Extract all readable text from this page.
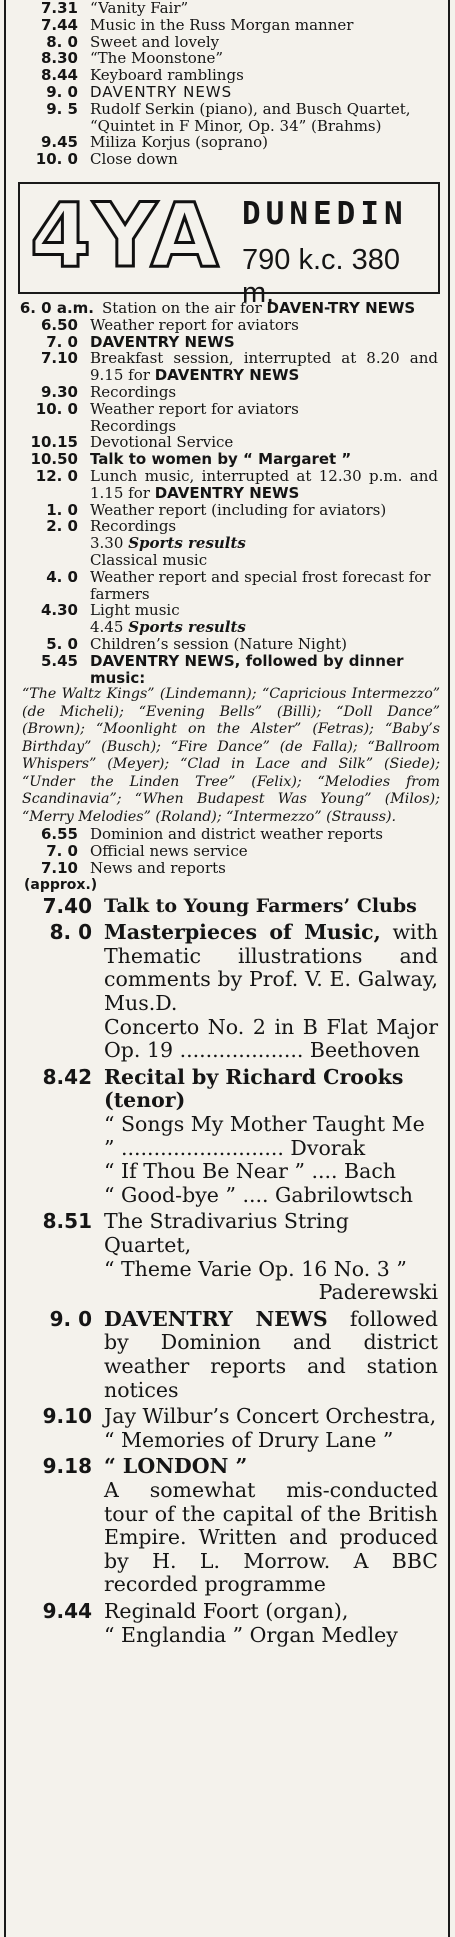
7.31 “Vanity Fair”
7.44 Music in the Russ Morgan manner
8. 0 Sweet and lovely
8.30 “The Moonstone”
8.44 Keyboard ramblings
9. 0 DAVENTRY NEWS
9. 5 Rudolf Serkin (piano), and Busch Quartet, “Quintet in F Minor, Op. 34” (Brahms)
9.45 Miliza Korjus (soprano)
10. 0 Close down
4YA DUNEDIN
790 k.c. 380 m.
6. 0 a.m. Station on the air for DAVEN-TRY NEWS
6.50 Weather report for aviators
7. 0 DAVENTRY NEWS
7.10 Breakfast session, interrupted at 8.20 and 9.15 for DAVENTRY NEWS
9.30 Recordings
10. 0 Weather report for aviators
Recordings
10.15 Devotional Service
10.50 Talk to women by “ Margaret ”
12. 0 Lunch music, interrupted at 12.30 p.m. and 1.15 for DAVENTRY NEWS
1. 0 Weather report (including for aviators)
2. 0 Recordings
3.30 Sports results
Classical music
4. 0 Weather report and special frost forecast for farmers
4.30 Light music
4.45 Sports results
5. 0 Children’s session (Nature Night)
5.45 DAVENTRY NEWS, followed by dinner music:
“The Waltz Kings” (Lindemann); “Capricious Intermezzo” (de Micheli); “Evening Bells” (Billi); “Doll Dance” (Brown); “Moonlight on the Alster” (Fetras); “Baby’s Birthday” (Busch); “Fire Dance” (de Falla); “Ballroom Whispers” (Meyer); “Clad in Lace and Silk” (Siede); “Under the Linden Tree” (Felix); “Melodies from Scandinavia”; “When Budapest Was Young” (Milos); “Merry Melodies” (Roland); “Intermezzo” (Strauss).
6.55 Dominion and district weather reports
7. 0 Official news service
7.10 News and reports
(approx.)
7.40 Talk to Young Farmers’ Clubs
8. 0 Masterpieces of Music, with Thematic illustrations and comments by Prof. V. E. Galway, Mus.D.
Concerto No. 2 in B Flat Major Op. 19 ................... Beethoven
8.42 Recital by Richard Crooks (tenor)
“ Songs My Mother Taught Me ” ......................... Dvorak
“ If Thou Be Near ” .... Bach
“ Good-bye ” .... Gabrilowtsch
8.51 The Stradivarius String Quartet,
“ Theme Varie Op. 16 No. 3 ”
Paderewski
9. 0 DAVENTRY NEWS followed by Dominion and district weather reports and station notices
9.10 Jay Wilbur’s Concert Orchestra,
“ Memories of Drury Lane ”
9.18 “ LONDON ”
A somewhat mis-conducted tour of the capital of the British Empire. Written and produced by H. L. Morrow. A BBC recorded programme
9.44 Reginald Foort (organ),
“ Englandia ” Organ Medley
